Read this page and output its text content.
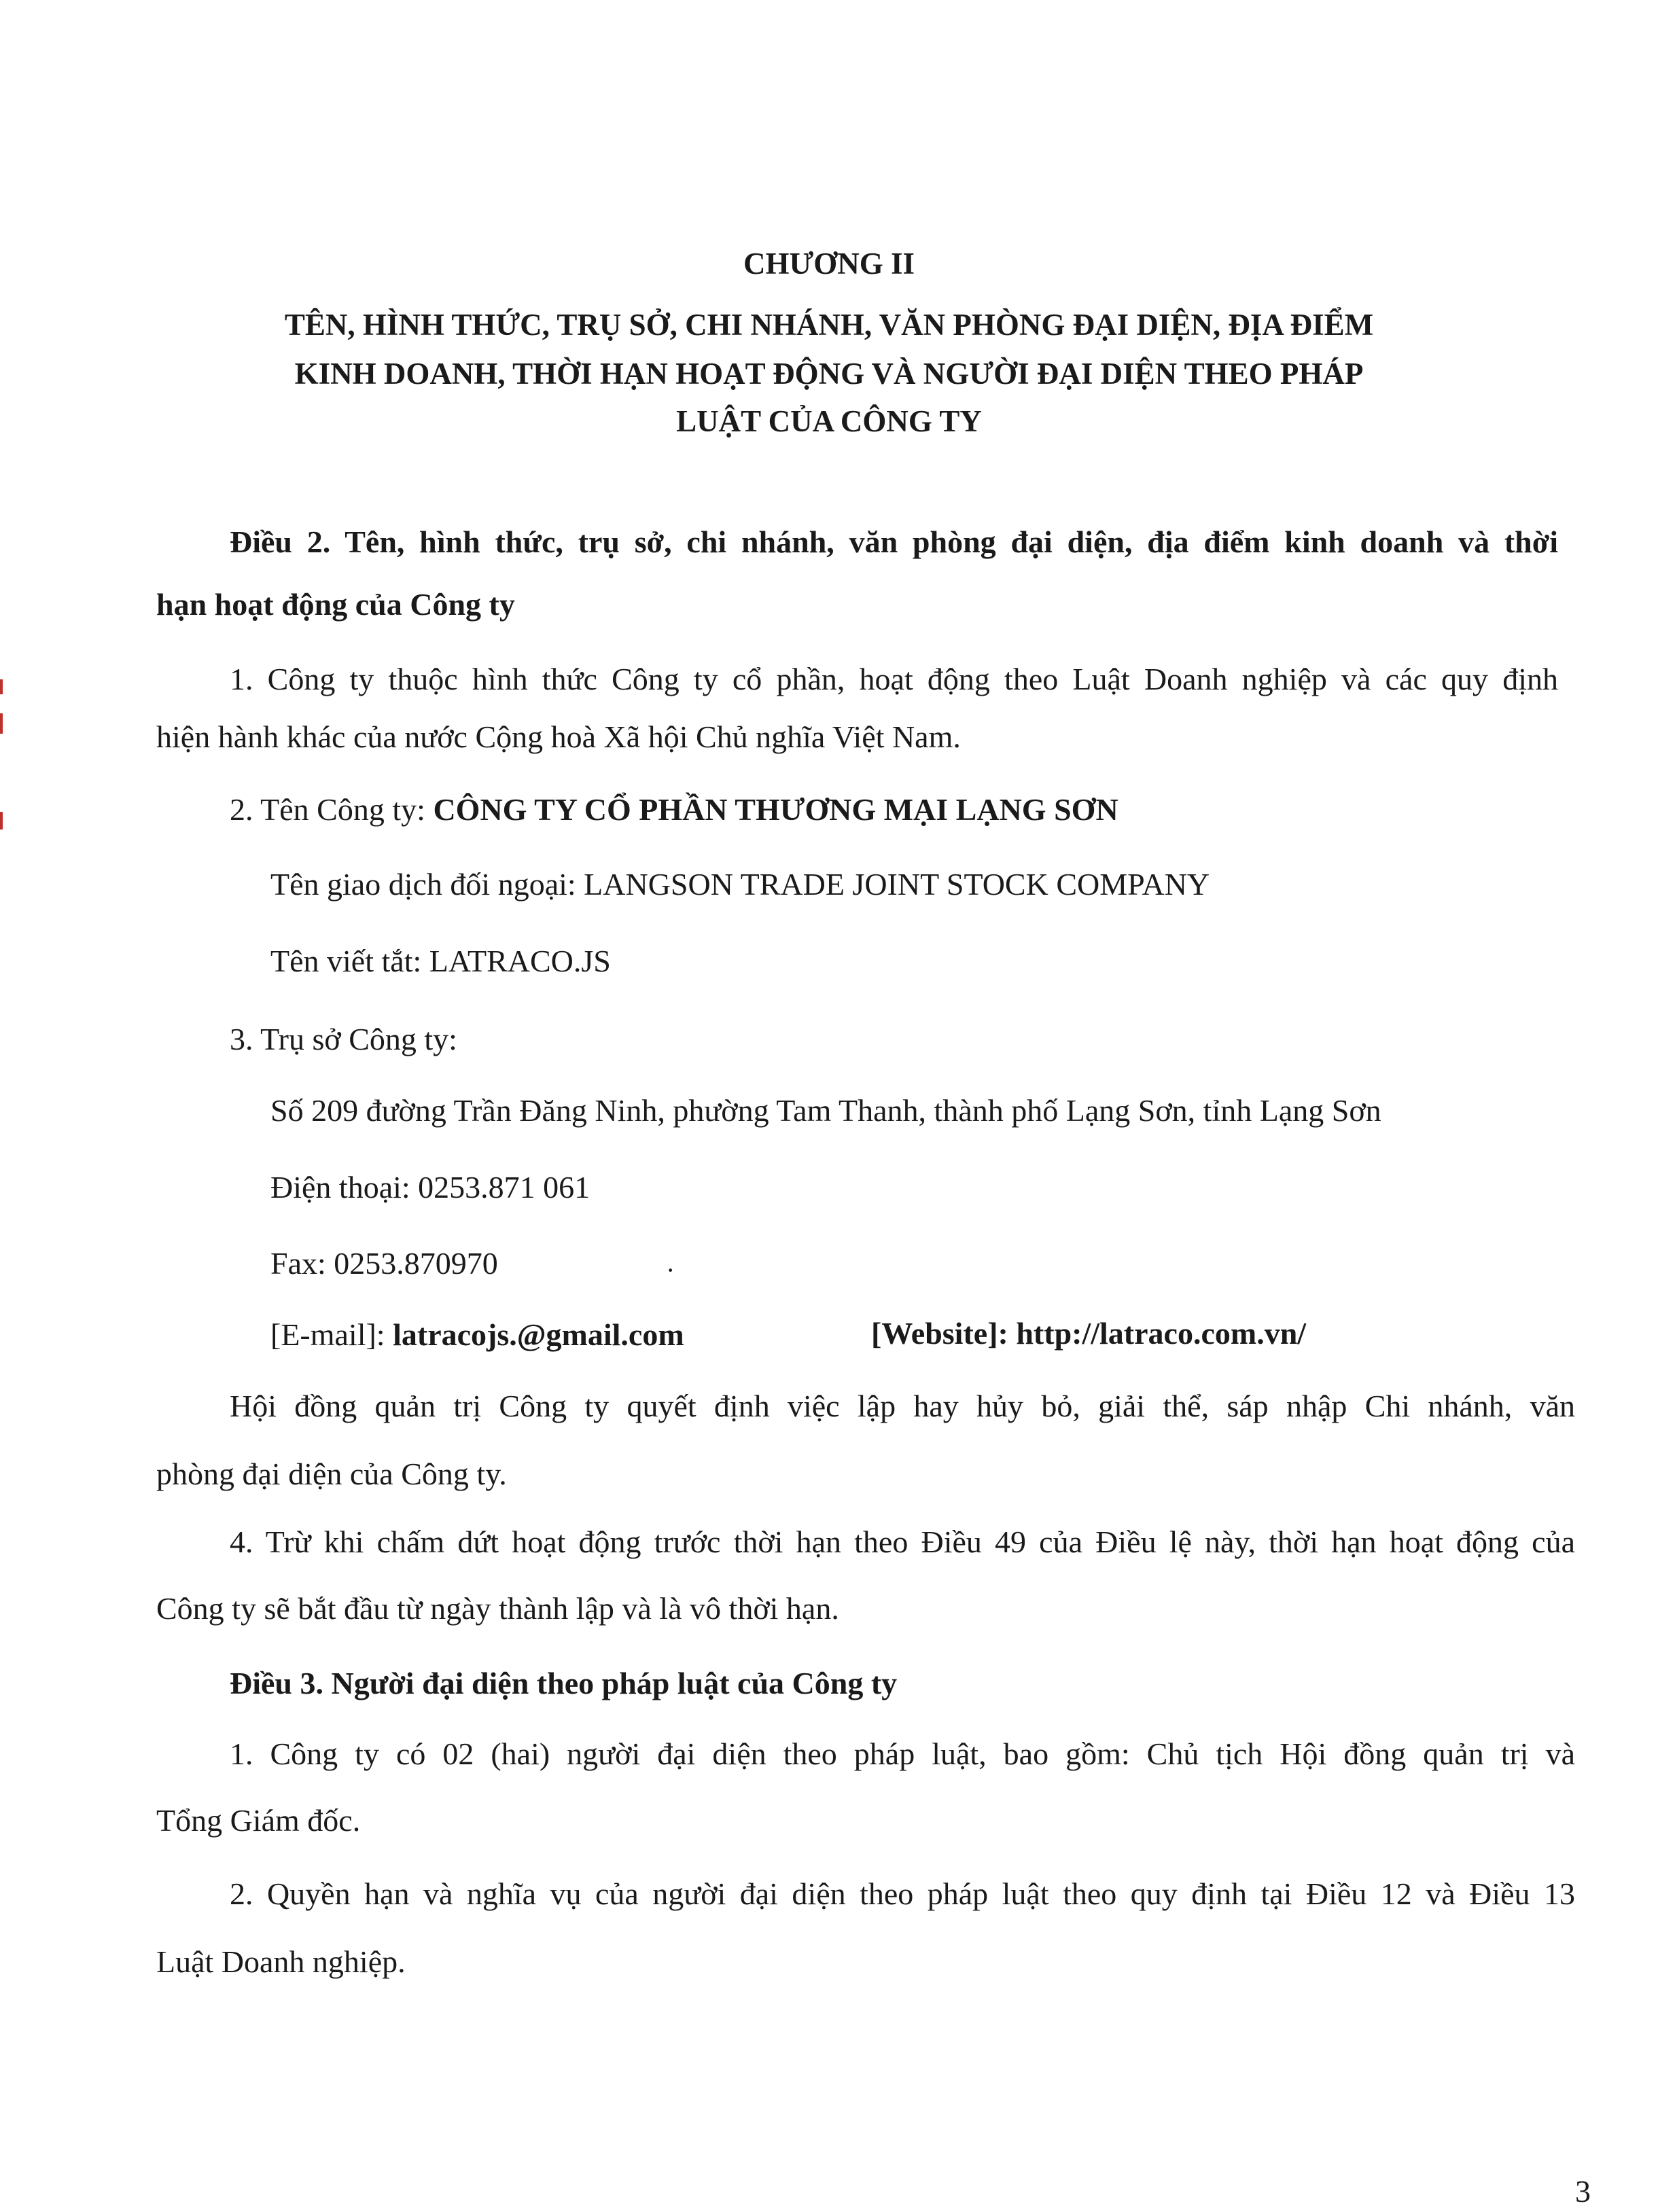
CHƯƠNG II
TÊN, HÌNH THỨC, TRỤ SỞ, CHI NHÁNH, VĂN PHÒNG ĐẠI DIỆN, ĐỊA ĐIỂM
KINH DOANH, THỜI HẠN HOẠT ĐỘNG VÀ NGƯỜI ĐẠI DIỆN THEO PHÁP
LUẬT CỦA CÔNG TY
Điều 2. Tên, hình thức, trụ sở, chi nhánh, văn phòng đại diện, địa điểm kinh doanh và thời
hạn hoạt động của Công ty
1. Công ty thuộc hình thức Công ty cổ phần, hoạt động theo Luật Doanh nghiệp và các quy định
hiện hành khác của nước Cộng hoà Xã hội Chủ nghĩa Việt Nam.
2. Tên Công ty: CÔNG TY CỔ PHẦN THƯƠNG MẠI LẠNG SƠN
Tên giao dịch đối ngoại: LANGSON TRADE JOINT STOCK COMPANY
Tên viết tắt: LATRACO.JS
3. Trụ sở Công ty:
Số 209 đường Trần Đăng Ninh, phường Tam Thanh, thành phố Lạng Sơn, tỉnh Lạng Sơn
Điện thoại: 0253.871 061
Fax: 0253.870970	·
[E-mail]: latracojs.@gmail.com	[Website]: http://latraco.com.vn/
Hội đồng quản trị Công ty quyết định việc lập hay hủy bỏ, giải thể, sáp nhập Chi nhánh, văn
phòng đại diện của Công ty.
4. Trừ khi chấm dứt hoạt động trước thời hạn theo Điều 49 của Điều lệ này, thời hạn hoạt động của
Công ty sẽ bắt đầu từ ngày thành lập và là vô thời hạn.
Điều 3. Người đại diện theo pháp luật của Công ty
1. Công ty có 02 (hai) người đại diện theo pháp luật, bao gồm: Chủ tịch Hội đồng quản trị và
Tổng Giám đốc.
2. Quyền hạn và nghĩa vụ của người đại diện theo pháp luật theo quy định tại Điều 12 và Điều 13
Luật Doanh nghiệp.
3
